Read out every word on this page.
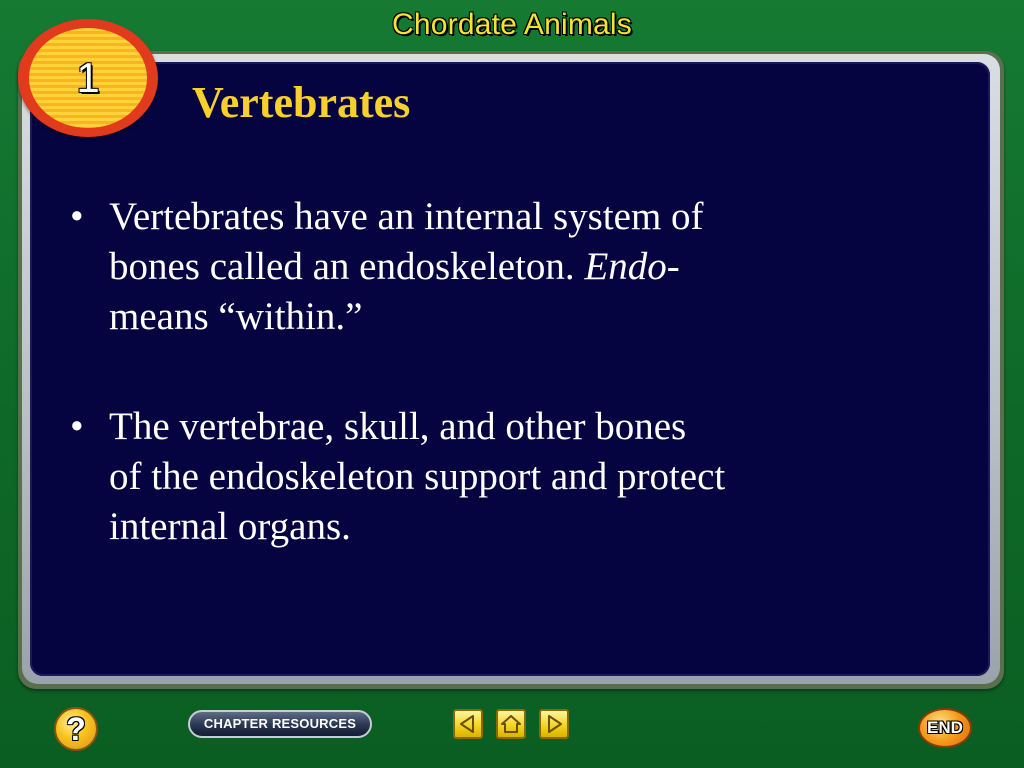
Chordate Animals
1
Vertebrates
• Vertebrates have an internal system of
bones called an endoskeleton. Endo-
means “within.”
• The vertebrae, skull, and other bones
of the endoskeleton support and protect
internal organs.
?	CHAPTER RESOURCES	END
